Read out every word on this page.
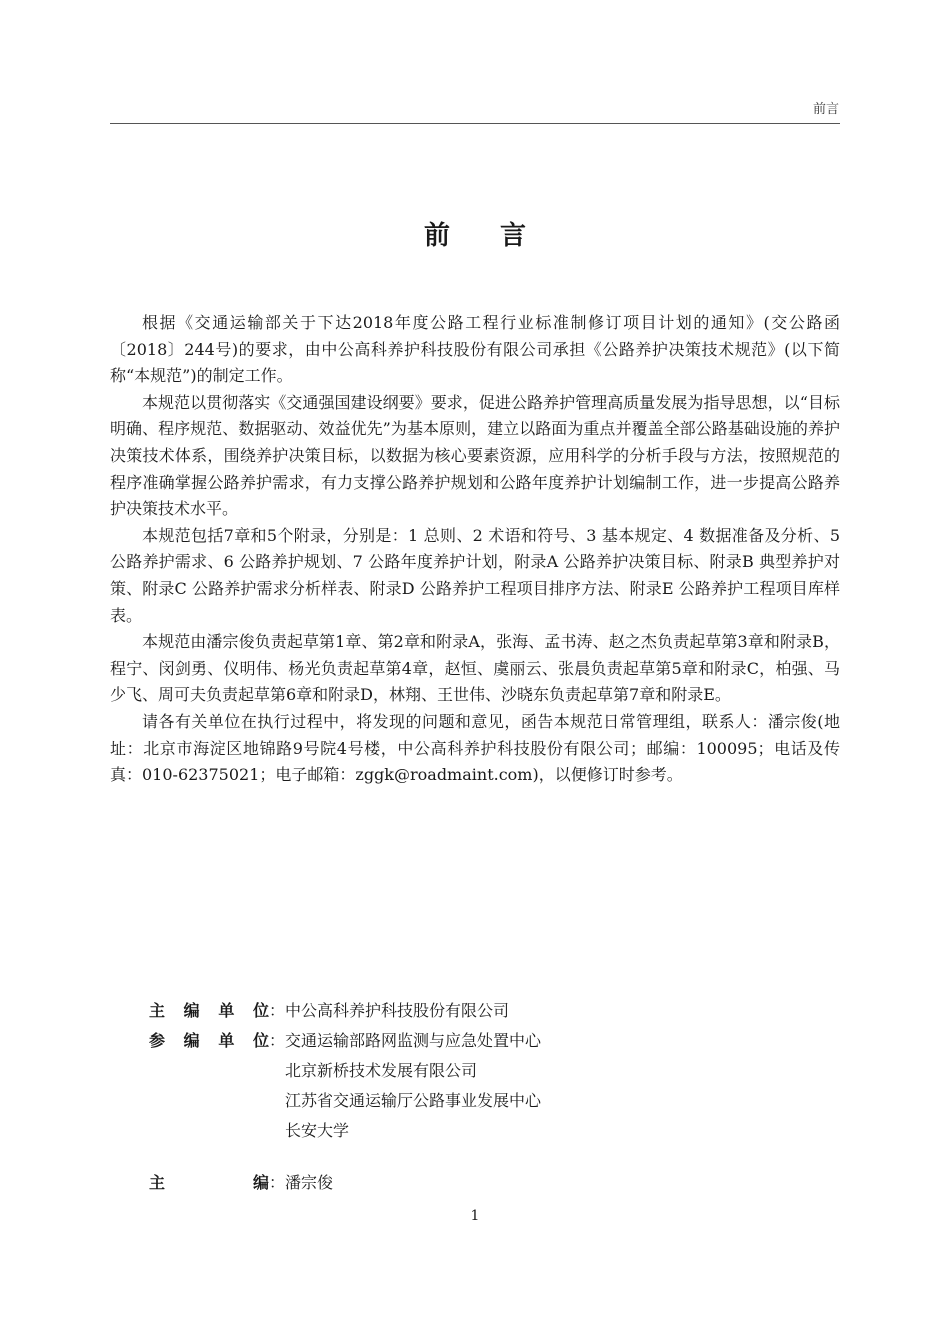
前言
前言

根据《交通运输部关于下达2018年度公路工程行业标准制修订项目计划的通知》(交公路函〔2018〕244号)的要求，由中公高科养护科技股份有限公司承担《公路养护决策技术规范》(以下简称“本规范”)的制定工作。

本规范以贯彻落实《交通强国建设纲要》要求，促进公路养护管理高质量发展为指导思想，以“目标明确、程序规范、数据驱动、效益优先”为基本原则，建立以路面为重点并覆盖全部公路基础设施的养护决策技术体系，围绕养护决策目标，以数据为核心要素资源，应用科学的分析手段与方法，按照规范的程序准确掌握公路养护需求，有力支撑公路养护规划和公路年度养护计划编制工作，进一步提高公路养护决策技术水平。

本规范包括7章和5个附录，分别是：1 总则、2 术语和符号、3 基本规定、4 数据准备及分析、5 公路养护需求、6 公路养护规划、7 公路年度养护计划，附录A 公路养护决策目标、附录B 典型养护对策、附录C 公路养护需求分析样表、附录D 公路养护工程项目排序方法、附录E 公路养护工程项目库样表。

本规范由潘宗俊负责起草第1章、第2章和附录A，张海、孟书涛、赵之杰负责起草第3章和附录B，程宁、闵剑勇、仪明伟、杨光负责起草第4章，赵恒、虞丽云、张晨负责起草第5章和附录C，柏强、马少飞、周可夫负责起草第6章和附录D，林翔、王世伟、沙晓东负责起草第7章和附录E。

请各有关单位在执行过程中，将发现的问题和意见，函告本规范日常管理组，联系人：潘宗俊(地址：北京市海淀区地锦路9号院4号楼，中公高科养护科技股份有限公司；邮编：100095；电话及传真：010-62375021；电子邮箱：zggk@roadmaint.com)，以便修订时参考。

主编单位 ： 中公高科养护科技股份有限公司
参编单位 ： 交通运输部路网监测与应急处置中心
北京新桥技术发展有限公司
江苏省交通运输厅公路事业发展中心
长安大学
主编 ： 潘宗俊
1
